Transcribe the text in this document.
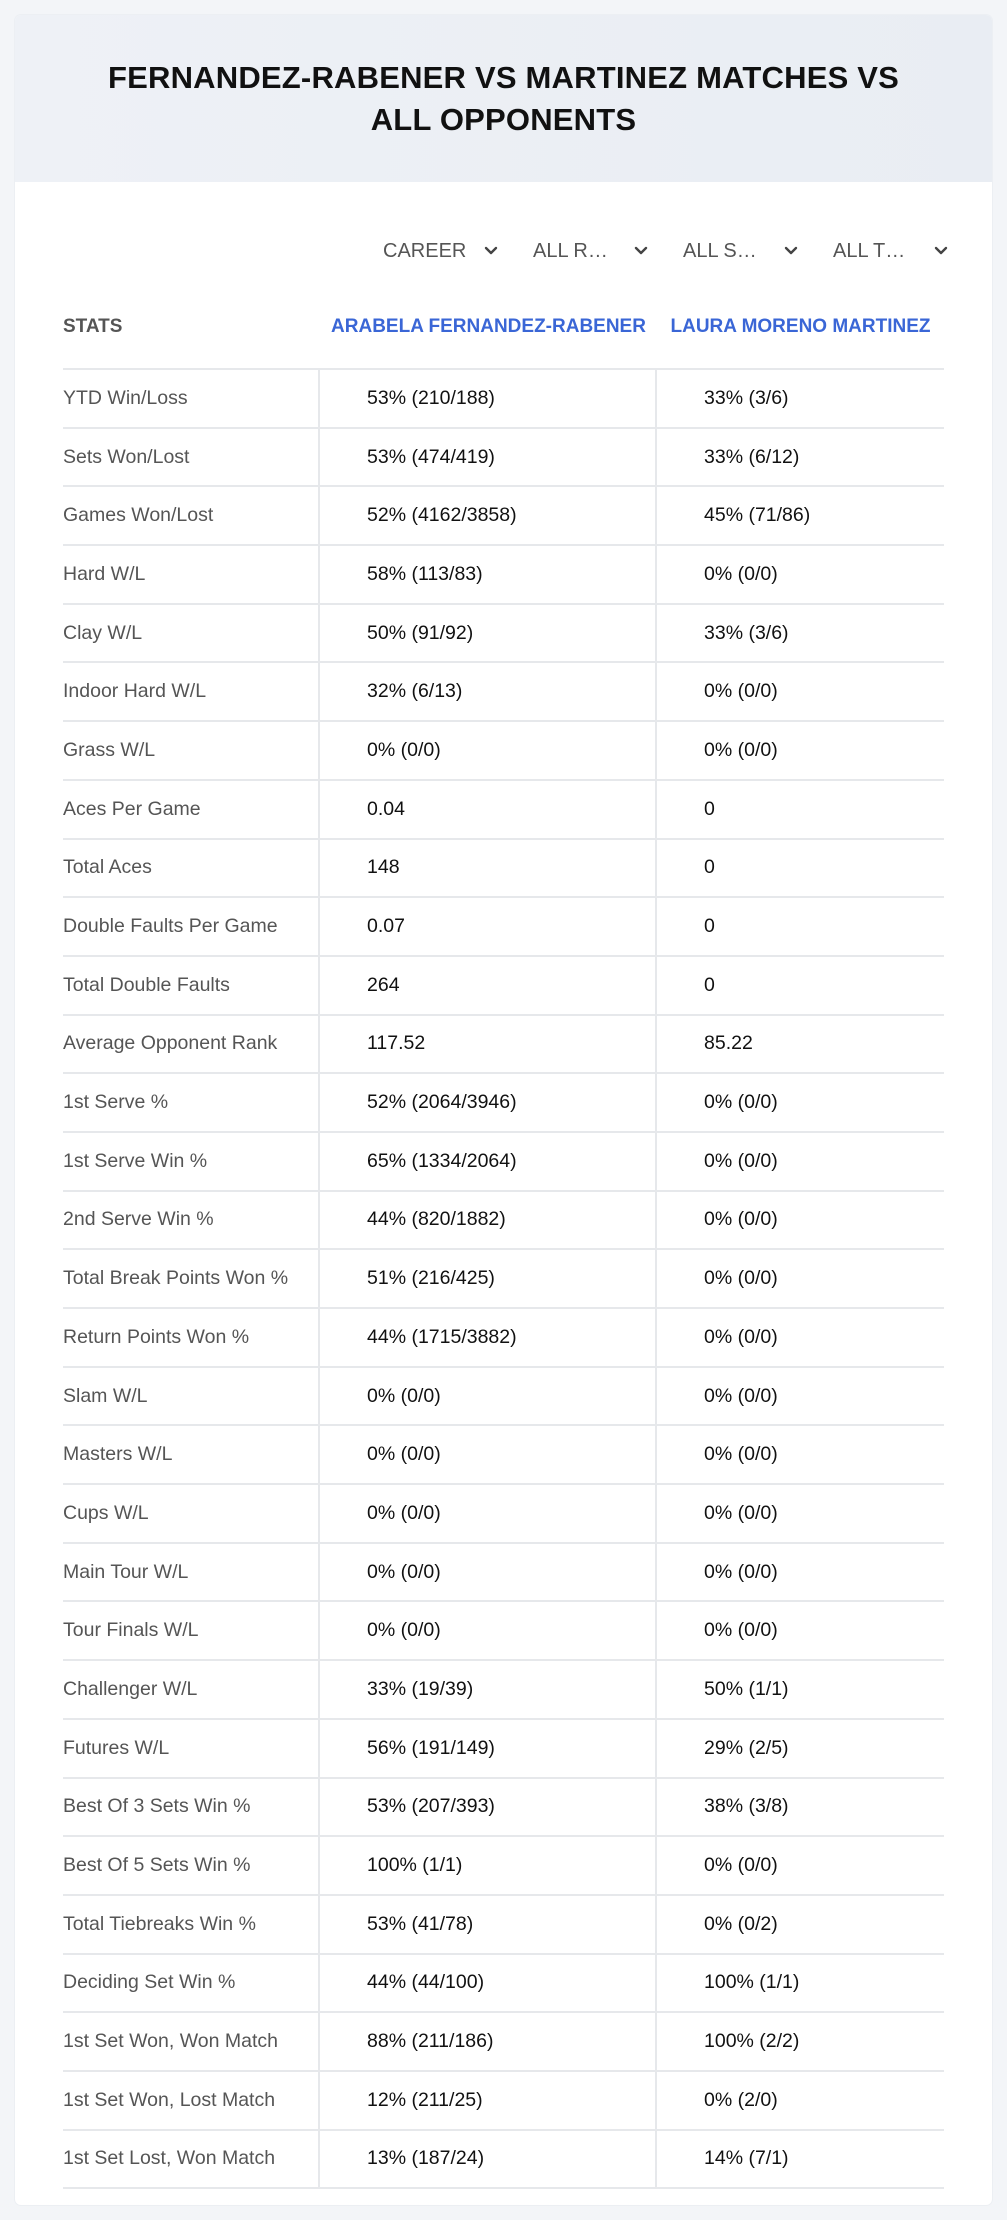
FERNANDEZ-RABENER VS MARTINEZ MATCHES VS ALL OPPONENTS
CAREER	ALL R…	ALL S…	ALL T…
STATS	ARABELA FERNANDEZ-RABENER	LAURA MORENO MARTINEZ
YTD Win/Loss	53% (210/188)	33% (3/6)
Sets Won/Lost	53% (474/419)	33% (6/12)
Games Won/Lost	52% (4162/3858)	45% (71/86)
Hard W/L	58% (113/83)	0% (0/0)
Clay W/L	50% (91/92)	33% (3/6)
Indoor Hard W/L	32% (6/13)	0% (0/0)
Grass W/L	0% (0/0)	0% (0/0)
Aces Per Game	0.04	0
Total Aces	148	0
Double Faults Per Game	0.07	0
Total Double Faults	264	0
Average Opponent Rank	117.52	85.22
1st Serve %	52% (2064/3946)	0% (0/0)
1st Serve Win %	65% (1334/2064)	0% (0/0)
2nd Serve Win %	44% (820/1882)	0% (0/0)
Total Break Points Won %	51% (216/425)	0% (0/0)
Return Points Won %	44% (1715/3882)	0% (0/0)
Slam W/L	0% (0/0)	0% (0/0)
Masters W/L	0% (0/0)	0% (0/0)
Cups W/L	0% (0/0)	0% (0/0)
Main Tour W/L	0% (0/0)	0% (0/0)
Tour Finals W/L	0% (0/0)	0% (0/0)
Challenger W/L	33% (19/39)	50% (1/1)
Futures W/L	56% (191/149)	29% (2/5)
Best Of 3 Sets Win %	53% (207/393)	38% (3/8)
Best Of 5 Sets Win %	100% (1/1)	0% (0/0)
Total Tiebreaks Win %	53% (41/78)	0% (0/2)
Deciding Set Win %	44% (44/100)	100% (1/1)
1st Set Won, Won Match	88% (211/186)	100% (2/2)
1st Set Won, Lost Match	12% (211/25)	0% (2/0)
1st Set Lost, Won Match	13% (187/24)	14% (7/1)
